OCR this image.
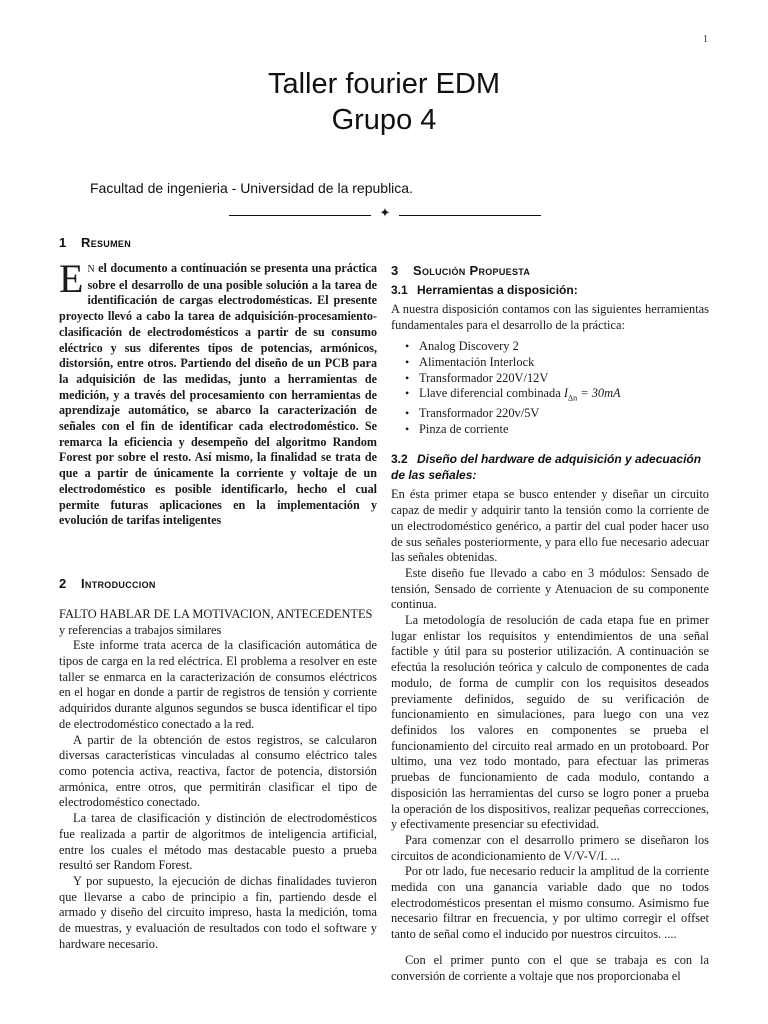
1
Taller fourier EDM
Grupo 4
Facultad de ingenieria - Universidad de la republica.
✦
1 Resumen

E N el documento a continuación se presenta una práctica sobre el desarrollo de una posible solución a la tarea de identificación de cargas electrodomésticas. El presente proyecto llevó a cabo la tarea de adquisición-procesamiento-clasificación de electrodomésticos a partir de su consumo eléctrico y sus diferentes tipos de potencias, armónicos, distorsión, entre otros. Partiendo del diseño de un PCB para la adquisición de las medidas, junto a herramientas de medición, y a través del procesamiento con herramientas de aprendizaje automático, se abarco la caracterización de señales con el fin de identificar cada electrodoméstico. Se remarca la eficiencia y desempeño del algoritmo Random Forest por sobre el resto. Así mismo, la finalidad se trata de que a partir de únicamente la corriente y voltaje de un electrodoméstico es posible identificarlo, hecho el cual permite futuras aplicaciones en la implementación y evolución de tarifas inteligentes

2 Introduccion

FALTO HABLAR DE LA MOTIVACION, ANTECEDENTES y referencias a trabajos similares

Este informe trata acerca de la clasificación automática de tipos de carga en la red eléctrica. El problema a resolver en este taller se enmarca en la caracterización de consumos eléctricos en el hogar en donde a partir de registros de tensión y corriente adquiridos durante algunos segundos se busca identificar el tipo de electrodoméstico conectado a la red.

A partir de la obtención de estos registros, se calcularon diversas características vinculadas al consumo eléctrico tales como potencia activa, reactiva, factor de potencia, distorsión armónica, entre otros, que permitirán clasificar el tipo de electrodoméstico conectado.

La tarea de clasificación y distinción de electrodomésticos fue realizada a partir de algoritmos de inteligencia artificial, entre los cuales el método mas destacable puesto a prueba resultó ser Random Forest.

Y por supuesto, la ejecución de dichas finalidades tuvieron que llevarse a cabo de principio a fin, partiendo desde el armado y diseño del circuito impreso, hasta la medición, toma de muestras, y evaluación de resultados con todo el software y hardware necesario.

3 Solución Propuesta
3.1 Herramientas a disposición:

A nuestra disposición contamos con las siguientes herramientas fundamentales para el desarrollo de la práctica:

• Analog Discovery 2
• Alimentación Interlock
• Transformador 220V/12V
• Llave diferencial combinada $I_{\Delta n} = 30mA$
• Transformador 220v/5V
• Pinza de corriente
3.2 Diseño del hardware de adquisición y adecuación de las señales:

En ésta primer etapa se busco entender y diseñar un circuito capaz de medir y adquirir tanto la tensión como la corriente de un electrodoméstico genérico, a partir del cual poder hacer uso de sus señales posteriormente, y para ello fue necesario adecuar las señales obtenidas.

Este diseño fue llevado a cabo en 3 módulos: Sensado de tensión, Sensado de corriente y Atenuacion de su componente continua.

La metodología de resolución de cada etapa fue en primer lugar enlistar los requisitos y entendimientos de una señal factible y útil para su posterior utilización. A continuación se efectúa la resolución teórica y calculo de componentes de cada modulo, de forma de cumplir con los requisitos deseados previamente definidos, seguido de su verificación de funcionamiento en simulaciones, para luego con una vez definidos los valores en componentes se prueba el funcionamiento del circuito real armado en un protoboard. Por ultimo, una vez todo montado, para efectuar las primeras pruebas de funcionamiento de cada modulo, contando a disposición las herramientas del curso se logro poner a prueba la operación de los dispositivos, realizar pequeñas correcciones, y efectivamente presenciar su efectividad.

Para comenzar con el desarrollo primero se diseñaron los circuitos de acondicionamiento de V/V-V/I. ...

Por otr lado, fue necesario reducir la amplitud de la corriente medida con una ganancia variable dado que no todos electrodomésticos presentan el mismo consumo. Asimismo fue necesario filtrar en frecuencia, y por ultimo corregir el offset tanto de señal como el inducido por nuestros circuitos. ....

Con el primer punto con el que se trabaja es con la conversión de corriente a voltaje que nos proporcionaba el
